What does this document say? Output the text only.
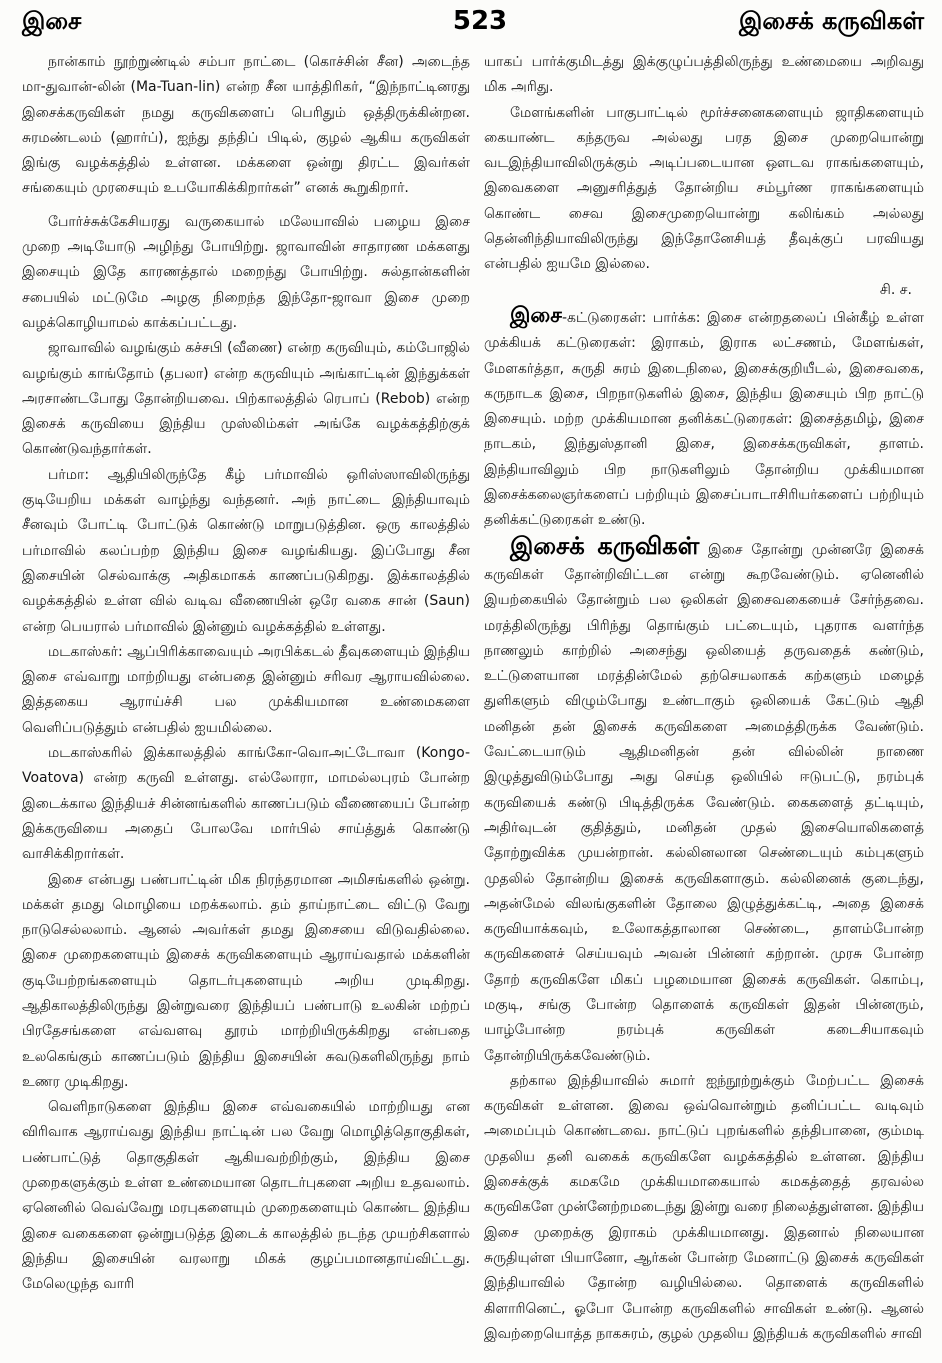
இசை	523	இசைக் கருவிகள்

நான்காம் நூற்றுண்டில் சம்பா நாட்டை (கொச்சின் சீன) அடைந்த மா-துவான்-லின் (Ma-Tuan-lin) என்ற சீன யாத்திரிகர், “இந்நாட்டினரது இசைக்கருவிகள் நமது கருவிகளைப் பெரிதும் ஒத்திருக்கின்றன. சுரமண்டலம் (ஹார்ப்), ஐந்து தந்திப் பிடில், குழல் ஆகிய கருவிகள் இங்கு வழக்கத்தில் உள்ளன. மக்களை ஒன்று திரட்ட இவர்கள் சங்கையும் முரசையும் உபயோகிக்கிறார்கள்” எனக் கூறுகிறார்.

போர்ச்சுக்கேசியரது வருகையால் மலேயாவில் பழைய இசை முறை அடியோடு அழிந்து போயிற்று. ஜாவாவின் சாதாரண மக்களது இசையும் இதே காரணத்தால் மறைந்து போயிற்று. சுல்தான்களின் சபையில் மட்டுமே அழகு நிறைந்த இந்தோ-ஜாவா இசை முறை வழக்கொழியாமல் காக்கப்பட்டது.

ஜாவாவில் வழங்கும் கச்சபி (வீணை) என்ற கருவியும், கம்போஜில் வழங்கும் காங்தோம் (தபலா) என்ற கருவியும் அங்காட்டின் இந்துக்கள் அரசாண்டபோது தோன்றியவை. பிற்காலத்தில் ரெபாப் (Rebob) என்ற இசைக் கருவியை இந்திய முஸ்லிம்கள் அங்கே வழக்கத்திற்குக் கொண்டுவந்தார்கள்.

பர்மா: ஆதியிலிருந்தே கீழ் பர்மாவில் ஒரிஸ்ஸாவிலிருந்து குடியேறிய மக்கள் வாழ்ந்து வந்தனர். அந் நாட்டை இந்தியாவும் சீனவும் போட்டி போட்டுக் கொண்டு மாறுபடுத்தின. ஒரு காலத்தில் பர்மாவில் கலப்பற்ற இந்திய இசை வழங்கியது. இப்போது சீன இசையின் செல்வாக்கு அதிகமாகக் காணப்படுகிறது. இக்காலத்தில் வழக்கத்தில் உள்ள வில் வடிவ வீணையின் ஒரே வகை சான் (Saun) என்ற பெயரால் பர்மாவில் இன்னும் வழக்கத்தில் உள்ளது.

மடகாஸ்கர்: ஆப்பிரிக்காவையும் அரபிக்கடல் தீவுகளையும் இந்திய இசை எவ்வாறு மாற்றியது என்பதை இன்னும் சரிவர ஆராயவில்லை. இத்தகைய ஆராய்ச்சி பல முக்கியமான உண்மைகளை வெளிப்படுத்தும் என்பதில் ஐயமில்லை.

மடகாஸ்கரில் இக்காலத்தில் காங்கோ-வொஅட்டோவா (Kongo-Voatova) என்ற கருவி உள்ளது. எல்லோரா, மாமல்லபுரம் போன்ற இடைக்கால இந்தியச் சின்னங்களில் காணப்படும் வீணையைப் போன்ற இக்கருவியை அதைப் போலவே மார்பில் சாய்த்துக் கொண்டு வாசிக்கிறார்கள்.

இசை என்பது பண்பாட்டின் மிக நிரந்தரமான அமிசங்களில் ஒன்று. மக்கள் தமது மொழியை மறக்கலாம். தம் தாய்நாட்டை விட்டு வேறு நாடுசெல்லலாம். ஆனல் அவர்கள் தமது இசையை விடுவதில்லை. இசை முறைகளையும் இசைக் கருவிகளையும் ஆராய்வதால் மக்களின் குடியேற்றங்களையும் தொடர்புகளையும் அறிய முடிகிறது. ஆதிகாலத்திலிருந்து இன்றுவரை இந்தியப் பண்பாடு உலகின் மற்றப் பிரதேசங்களை எவ்வளவு தூரம் மாற்றியிருக்கிறது என்பதை உலகெங்கும் காணப்படும் இந்திய இசையின் சுவடுகளிலிருந்து நாம் உணர முடிகிறது.

வெளிநாடுகளை இந்திய இசை எவ்வகையில் மாற்றியது என விரிவாக ஆராய்வது இந்திய நாட்டின் பல வேறு மொழித்தொகுதிகள், பண்பாட்டுத் தொகுதிகள் ஆகியவற்றிற்கும், இந்திய இசை முறைகளுக்கும் உள்ள உண்மையான தொடர்புகளை அறிய உதவலாம். ஏனெனில் வெவ்வேறு மரபுகளையும் முறைகளையும் கொண்ட இந்திய இசை வகைகளை ஒன்றுபடுத்த இடைக் காலத்தில் நடந்த முயற்சிகளால் இந்திய இசையின் வரலாறு மிகக் குழப்பமானதாய்விட்டது. மேலெழுந்த வாரி

யாகப் பார்க்குமிடத்து இக்குழுப்பத்திலிருந்து உண்மையை அறிவது மிக அரிது.

மேளங்களின் பாகுபாட்டில் மூர்ச்சனைகளையும் ஜாதிகளையும் கையாண்ட கந்தருவ அல்லது பரத இசை முறையொன்று வடஇந்தியாவிலிருக்கும் அடிப்படையான ஔடவ ராகங்களையும், இவைகளை அனுசரித்துத் தோன்றிய சம்பூர்ண ராகங்களையும் கொண்ட சைவ இசைமுறையொன்று கலிங்கம் அல்லது தென்னிந்தியாவிலிருந்து இந்தோனேசியத் தீவுக்குப் பரவியது என்பதில் ஐயமே இல்லை.

சி. ச.

இசை-கட்டுரைகள்: பார்க்க: இசை என்றதலைப் பின்கீழ் உள்ள முக்கியக் கட்டுரைகள்: இராகம், இராக லட்சணம், மேளங்கள், மேளகர்த்தா, சுருதி சுரம் இடைநிலை, இசைக்குறியீடல், இசைவகை, கருநாடக இசை, பிறநாடுகளில் இசை, இந்திய இசையும் பிற நாட்டு இசையும். மற்ற முக்கியமான தனிக்கட்டுரைகள்: இசைத்தமிழ், இசை நாடகம், இந்துஸ்தானி இசை, இசைக்கருவிகள், தாளம். இந்தியாவிலும் பிற நாடுகளிலும் தோன்றிய முக்கியமான இசைக்கலைஞர்களைப் பற்றியும் இசைப்பாடாசிரியர்களைப் பற்றியும் தனிக்கட்டுரைகள் உண்டு.

இசைக் கருவிகள் இசை தோன்று முன்னரே இசைக் கருவிகள் தோன்றிவிட்டன என்று கூறவேண்டும். ஏனெனில் இயற்கையில் தோன்றும் பல ஒலிகள் இசைவகையைச் சேர்ந்தவை. மரத்திலிருந்து பிரிந்து தொங்கும் பட்டையும், புதராக வளர்ந்த நாணலும் காற்றில் அசைந்து ஒலியைத் தருவதைக் கண்டும், உட்டுளையான மரத்தின்மேல் தற்செயலாகக் கற்களும் மழைத் துளிகளும் விழும்போது உண்டாகும் ஒலியைக் கேட்டும் ஆதி மனிதன் தன் இசைக் கருவிகளை அமைத்திருக்க வேண்டும். வேட்டையாடும் ஆதிமனிதன் தன் வில்லின் நாணை இழுத்துவிடும்போது அது செய்த ஒலியில் ஈடுபட்டு, நரம்புக் கருவியைக் கண்டு பிடித்திருக்க வேண்டும். கைகளைத் தட்டியும், அதிர்வுடன் குதித்தும், மனிதன் முதல் இசையொலிகளைத் தோற்றுவிக்க முயன்றான். கல்லினலான செண்டையும் கம்புகளும் முதலில் தோன்றிய இசைக் கருவிகளாகும். கல்லினைக் குடைந்து, அதன்மேல் விலங்குகளின் தோலை இழுத்துக்கட்டி, அதை இசைக் கருவியாக்கவும், உலோகத்தாலான செண்டை, தாளம்போன்ற கருவிகளைச் செய்யவும் அவன் பின்னர் கற்றான். முரசு போன்ற தோற் கருவிகளே மிகப் பழமையான இசைக் கருவிகள். கொம்பு, மகுடி, சங்கு போன்ற தொளைக் கருவிகள் இதன் பின்னரும், யாழ்போன்ற நரம்புக் கருவிகள் கடைசியாகவும் தோன்றியிருக்கவேண்டும்.

தற்கால இந்தியாவில் சுமார் ஐந்நூற்றுக்கும் மேற்பட்ட இசைக் கருவிகள் உள்ளன. இவை ஒவ்வொன்றும் தனிப்பட்ட வடிவும் அமைப்பும் கொண்டவை. நாட்டுப் புறங்களில் தந்திபானை, கும்மடி முதலிய தனி வகைக் கருவிகளே வழக்கத்தில் உள்ளன. இந்திய இசைக்குக் கமகமே முக்கியமாகையால் கமகத்தைத் தரவல்ல கருவிகளே முன்னேற்றமடைந்து இன்று வரை நிலைத்துள்ளன. இந்திய இசை முறைக்கு இராகம் முக்கியமானது. இதனால் நிலையான சுருதியுள்ள பியானோ, ஆர்கன் போன்ற மேனாட்டு இசைக் கருவிகள் இந்தியாவில் தோன்ற வழியில்லை. தொளைக் கருவிகளில் கிளாரினெட், ஓபோ போன்ற கருவிகளில் சாவிகள் உண்டு. ஆனல் இவற்றையொத்த நாகசுரம், குழல் முதலிய இந்தியக் கருவிகளில் சாவி
